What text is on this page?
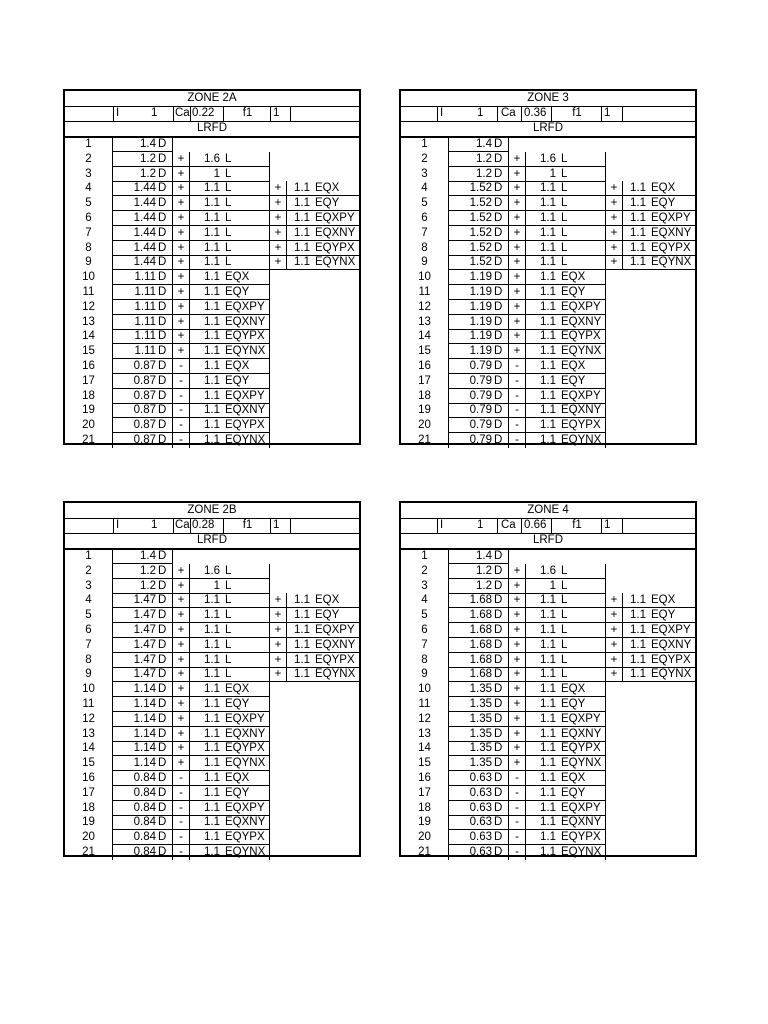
ZONE 2A
I	1 Ca 0.22	f1	1
LRFD
1	1.4 D
2	1.2 D +	1.6 L
3	1.2 D +	1 L
4	1.44 D +	1.1 L	+	1.1 EQX
5	1.44 D +	1.1 L	+	1.1 EQY
6	1.44 D +	1.1 L	+	1.1 EQXPY
7	1.44 D +	1.1 L	+	1.1 EQXNY
8	1.44 D +	1.1 L	+	1.1 EQYPX
9	1.44 D +	1.1 L	+	1.1 EQYNX
10	1.11 D +	1.1 EQX
11	1.11 D +	1.1 EQY
12	1.11 D +	1.1 EQXPY
13	1.11 D +	1.1 EQXNY
14	1.11 D +	1.1 EQYPX
15	1.11 D +	1.1 EQYNX
16	0.87 D	-	1.1 EQX
17	0.87 D	-	1.1 EQY
18	0.87 D	-	1.1 EQXPY
19	0.87 D	-	1.1 EQXNY
20	0.87 D	-	1.1 EQYPX
21	0.87 D	-	1.1 EQYNX
ZONE 3
I	1	Ca 0.36	f1	1
LRFD
1	1.4 D
2	1.2 D +	1.6 L
3	1.2 D +	1 L
4	1.52 D +	1.1 L	+	1.1 EQX
5	1.52 D +	1.1 L	+	1.1 EQY
6	1.52 D +	1.1 L	+	1.1 EQXPY
7	1.52 D +	1.1 L	+	1.1 EQXNY
8	1.52 D +	1.1 L	+	1.1 EQYPX
9	1.52 D +	1.1 L	+	1.1 EQYNX
10	1.19 D +	1.1 EQX
11	1.19 D +	1.1 EQY
12	1.19 D +	1.1 EQXPY
13	1.19 D +	1.1 EQXNY
14	1.19 D +	1.1 EQYPX
15	1.19 D +	1.1 EQYNX
16	0.79 D	-	1.1 EQX
17	0.79 D	-	1.1 EQY
18	0.79 D	-	1.1 EQXPY
19	0.79 D	-	1.1 EQXNY
20	0.79 D	-	1.1 EQYPX
21	0.79 D	-	1.1 EQYNX
ZONE 2B
I	1 Ca 0.28	f1	1
LRFD
1	1.4 D
2	1.2 D +	1.6 L
3	1.2 D +	1 L
4	1.47 D +	1.1 L	+	1.1 EQX
5	1.47 D +	1.1 L	+	1.1 EQY
6	1.47 D +	1.1 L	+	1.1 EQXPY
7	1.47 D +	1.1 L	+	1.1 EQXNY
8	1.47 D +	1.1 L	+	1.1 EQYPX
9	1.47 D +	1.1 L	+	1.1 EQYNX
10	1.14 D +	1.1 EQX
11	1.14 D +	1.1 EQY
12	1.14 D +	1.1 EQXPY
13	1.14 D +	1.1 EQXNY
14	1.14 D +	1.1 EQYPX
15	1.14 D +	1.1 EQYNX
16	0.84 D	-	1.1 EQX
17	0.84 D	-	1.1 EQY
18	0.84 D	-	1.1 EQXPY
19	0.84 D	-	1.1 EQXNY
20	0.84 D	-	1.1 EQYPX
21	0.84 D	-	1.1 EQYNX
ZONE 4
I	1	Ca 0.66	f1	1
LRFD
1	1.4 D
2	1.2 D +	1.6 L
3	1.2 D +	1 L
4	1.68 D +	1.1 L	+	1.1 EQX
5	1.68 D +	1.1 L	+	1.1 EQY
6	1.68 D +	1.1 L	+	1.1 EQXPY
7	1.68 D +	1.1 L	+	1.1 EQXNY
8	1.68 D +	1.1 L	+	1.1 EQYPX
9	1.68 D +	1.1 L	+	1.1 EQYNX
10	1.35 D +	1.1 EQX
11	1.35 D +	1.1 EQY
12	1.35 D +	1.1 EQXPY
13	1.35 D +	1.1 EQXNY
14	1.35 D +	1.1 EQYPX
15	1.35 D +	1.1 EQYNX
16	0.63 D	-	1.1 EQX
17	0.63 D	-	1.1 EQY
18	0.63 D	-	1.1 EQXPY
19	0.63 D	-	1.1 EQXNY
20	0.63 D	-	1.1 EQYPX
21	0.63 D	-	1.1 EQYNX
